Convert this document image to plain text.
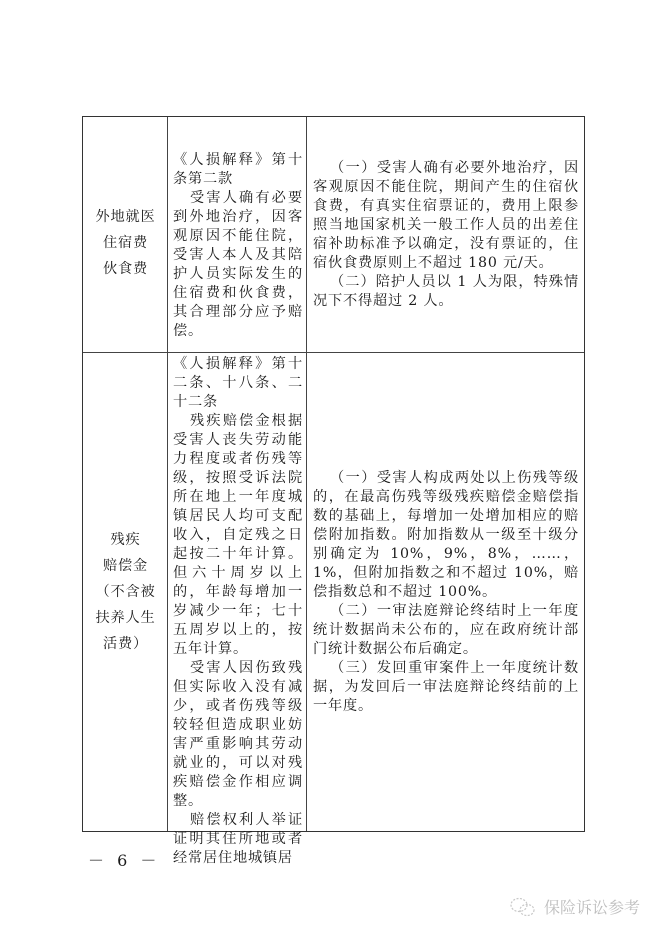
外地就医
住宿费
伙食费

《人损解释》第十条第二款

受害人确有必要到外地治疗，因客观原因不能住院，受害人本人及其陪护人员实际发生的住宿费和伙食费，其合理部分应予赔偿。

（一）受害人确有必要外地治疗，因客观原因不能住院，期间产生的住宿伙食费，有真实住宿票证的，费用上限参照当地国家机关一般工作人员的出差住宿补助标准予以确定，没有票证的，住宿伙食费原则上不超过 180 元/天。

（二）陪护人员以 1 人为限，特殊情况下不得超过 2 人。

残疾
赔偿金
（不含被
扶养人生
活费）

《人损解释》第十二条、十八条、二十二条

残疾赔偿金根据受害人丧失劳动能力程度或者伤残等级，按照受诉法院所在地上一年度城镇居民人均可支配收入，自定残之日起按二十年计算。但六十周岁以上的，年龄每增加一岁减少一年；七十五周岁以上的，按五年计算。

受害人因伤致残但实际收入没有减少，或者伤残等级较轻但造成职业妨害严重影响其劳动就业的，可以对残疾赔偿金作相应调整。

赔偿权利人举证证明其住所地或者经常居住地城镇居

（一）受害人构成两处以上伤残等级的，在最高伤残等级残疾赔偿金赔偿指数的基础上，每增加一处增加相应的赔偿附加指数。附加指数从一级至十级分别确定为 10%，9%，8%，……，1%，但附加指数之和不超过 10%，赔偿指数总和不超过 100%。

（二）一审法庭辩论终结时上一年度统计数据尚未公布的，应在政府统计部门统计数据公布后确定。

（三）发回重审案件上一年度统计数据，为发回后一审法庭辩论终结前的上一年度。

－ 6 －
保险诉讼参考
